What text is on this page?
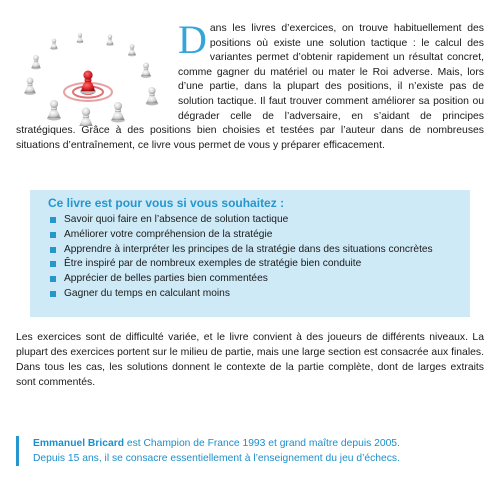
Dans les livres d’exercices, on trouve habituellement des positions où existe une solution tactique : le calcul des variantes permet d’obtenir rapidement un résultat concret, comme gagner du matériel ou mater le Roi adverse. Mais, lors d’une partie, dans la plupart des positions, il n’existe pas de solution tactique. Il faut trouver comment améliorer sa position ou dégrader celle de l’adversaire, en s’aidant de principes stratégiques. Grâce à des positions bien choisies et testées par l’auteur dans de nombreuses situations d’entraînement, ce livre vous permet de vous y préparer efficacement.
Ce livre est pour vous si vous souhaitez :
Savoir quoi faire en l’absence de solution tactique
Améliorer votre compréhension de la stratégie
Apprendre à interpréter les principes de la stratégie dans des situations concrètes
Être inspiré par de nombreux exemples de stratégie bien conduite
Apprécier de belles parties bien commentées
Gagner du temps en calculant moins
Les exercices sont de difficulté variée, et le livre convient à des joueurs de différents niveaux. La plupart des exercices portent sur le milieu de partie, mais une large section est consacrée aux finales. Dans tous les cas, les solutions donnent le contexte de la partie complète, dont de larges extraits sont commentés.
Emmanuel Bricard est Champion de France 1993 et grand maître depuis 2005.
Depuis 15 ans, il se consacre essentiellement à l’enseignement du jeu d’échecs.
